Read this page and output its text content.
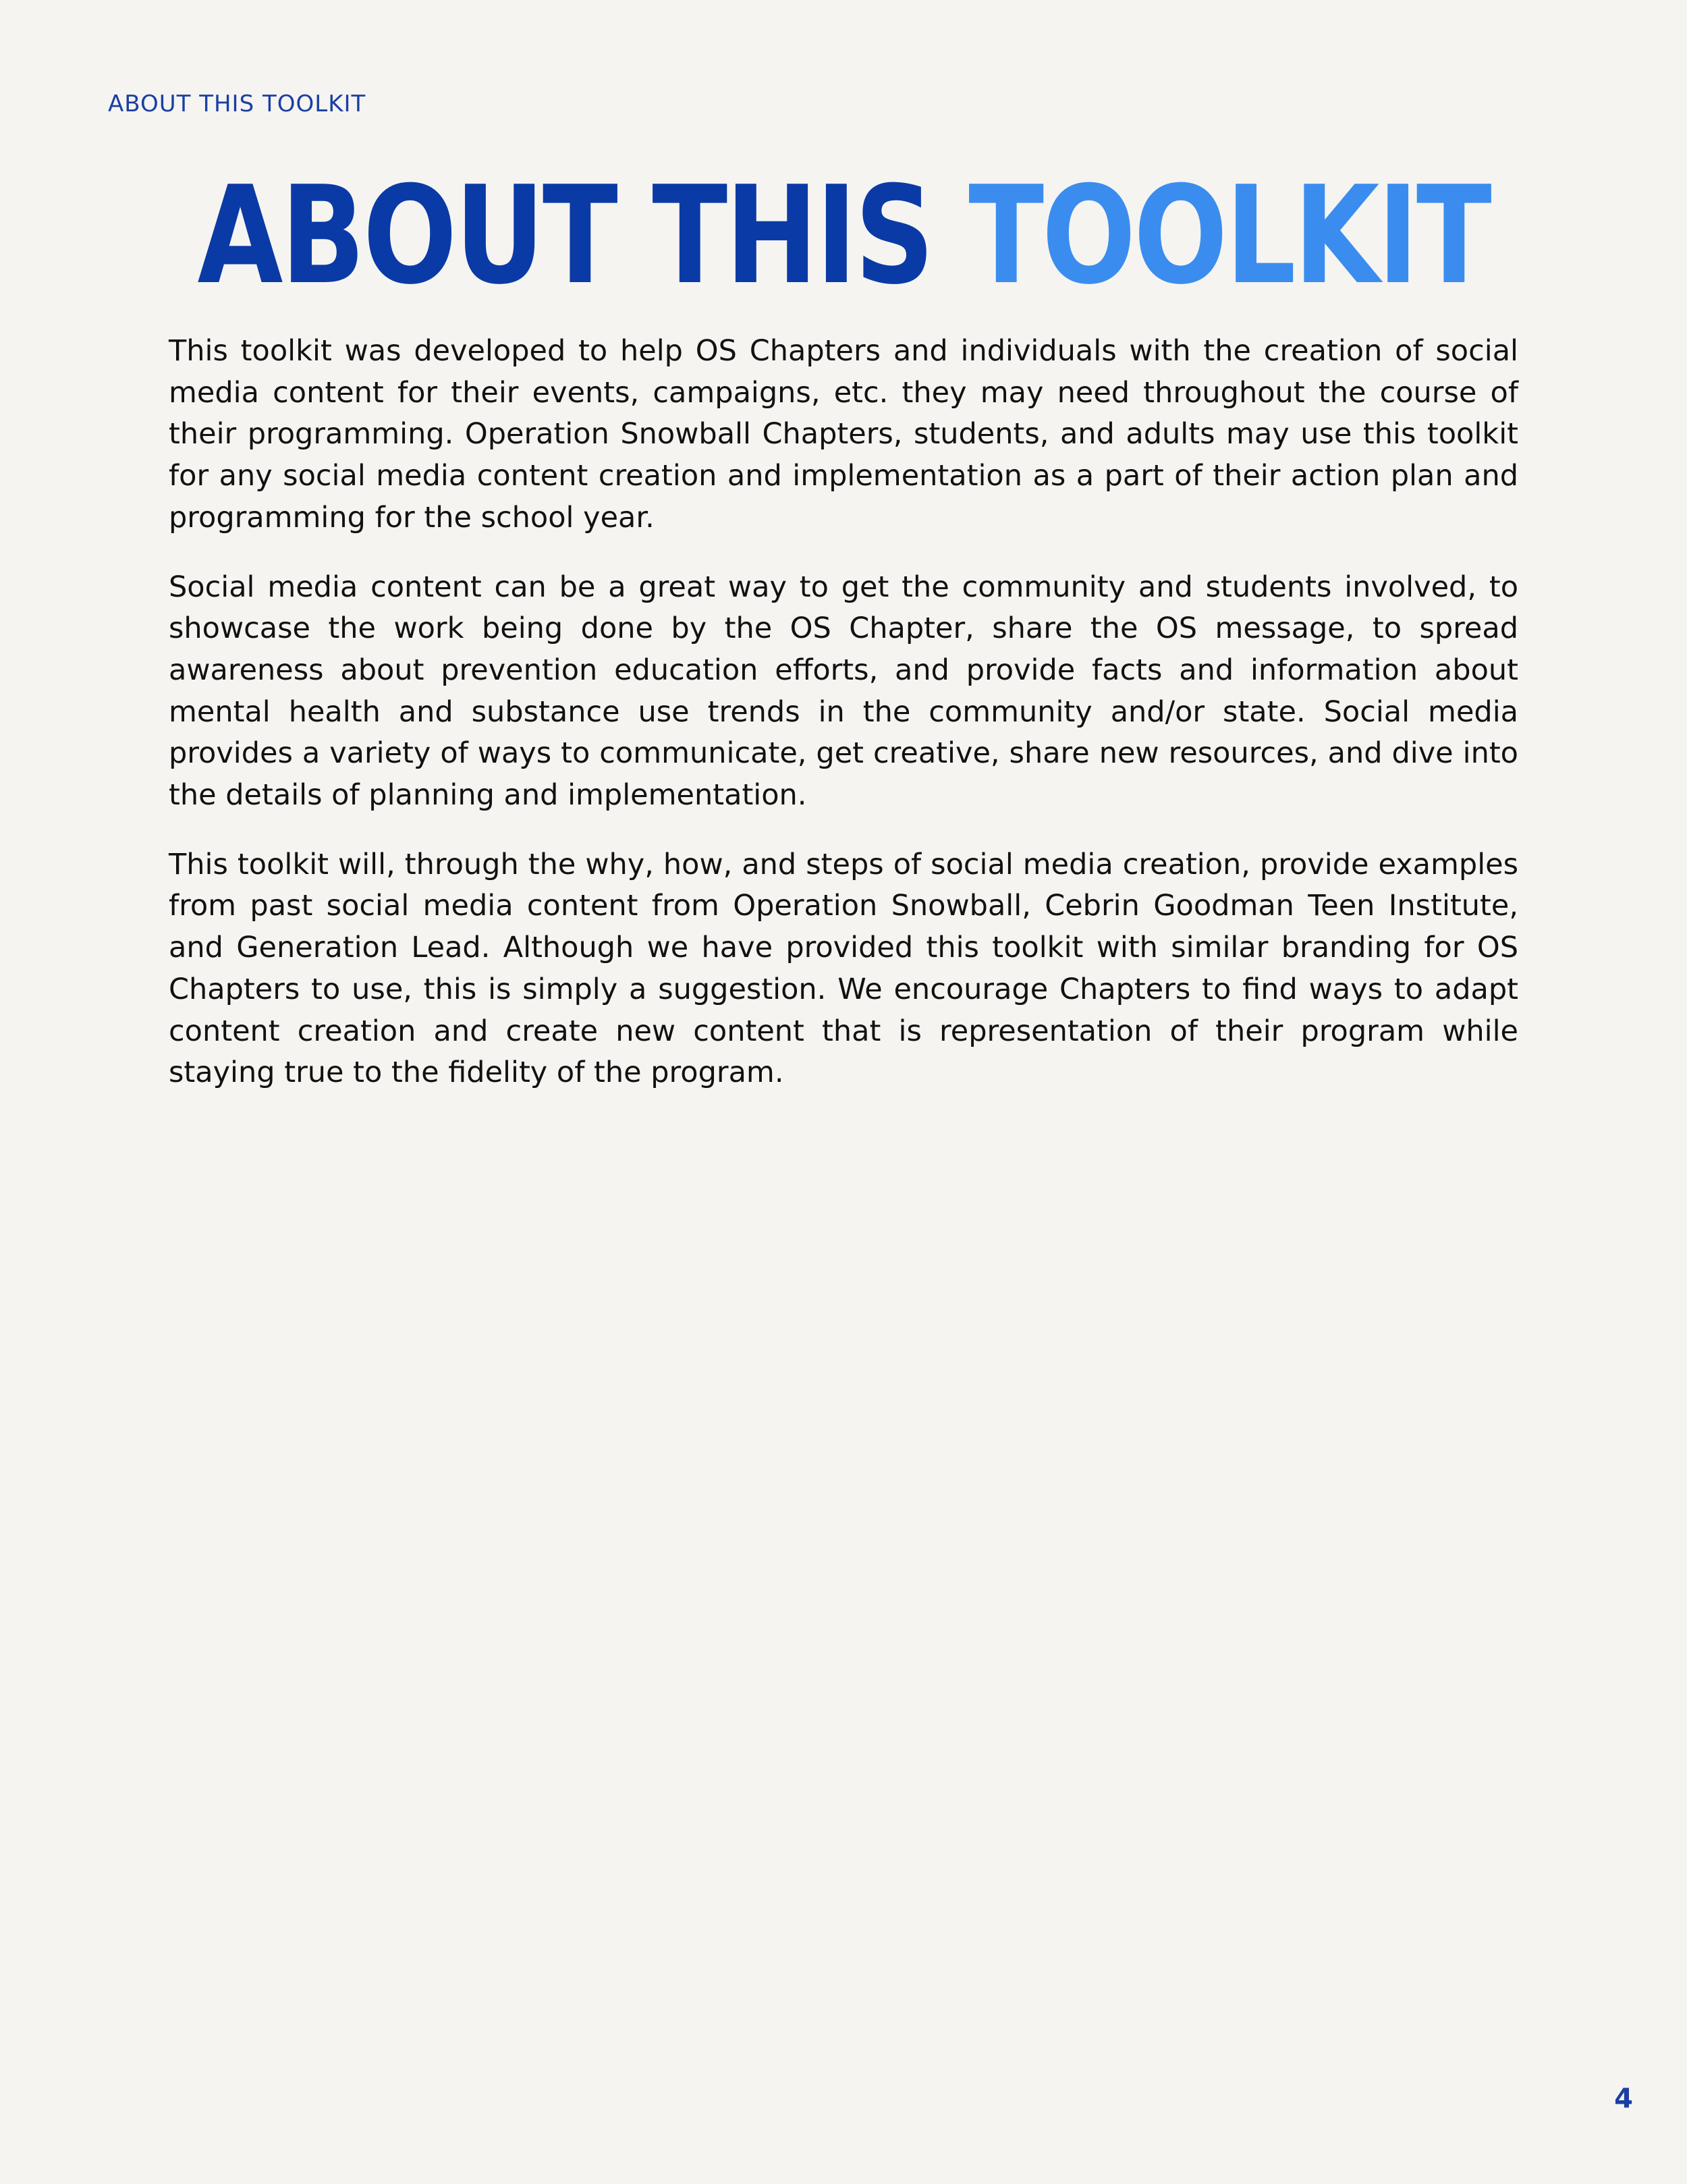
ABOUT THIS TOOLKIT
ABOUT THIS TOOLKIT

This toolkit was developed to help OS Chapters and individuals with the creation of social media content for their events, campaigns, etc. they may need throughout the course of their programming. Operation Snowball Chapters, students, and adults may use this toolkit for any social media content creation and implementation as a part of their action plan and programming for the school year.

Social media content can be a great way to get the community and students involved, to showcase the work being done by the OS Chapter, share the OS message, to spread awareness about prevention education efforts, and provide facts and information about mental health and substance use trends in the community and/or state. Social media provides a variety of ways to communicate, get creative, share new resources, and dive into the details of planning and implementation.

This toolkit will, through the why, how, and steps of social media creation, provide examples from past social media content from Operation Snowball, Cebrin Goodman Teen Institute, and Generation Lead. Although we have provided this toolkit with similar branding for OS Chapters to use, this is simply a suggestion. We encourage Chapters to find ways to adapt content creation and create new content that is representation of their program while staying true to the fidelity of the program.

4
